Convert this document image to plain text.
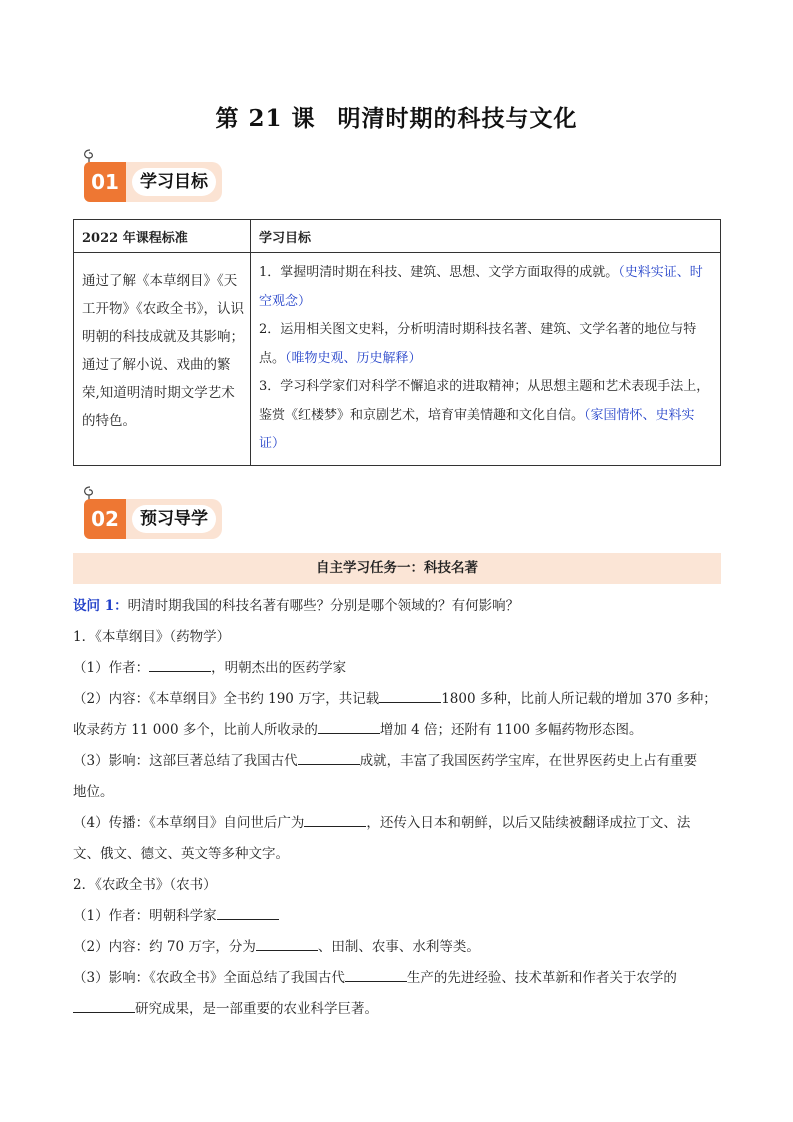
第 21 课 明清时期的科技与文化
01	学习目标
2022 年课程标准	学习目标
通过了解《本草纲目》《天工开物》《农政全书》，认识明朝的科技成就及其影响；通过了解小说、戏曲的繁荣,知道明清时期文学艺术的特色。	1．掌握明清时期在科技、建筑、思想、文学方面取得的成就。（史料实证、时空观念）
2．运用相关图文史料，分析明清时期科技名著、建筑、文学名著的地位与特点。（唯物史观、历史解释）
3．学习科学家们对科学不懈追求的进取精神；从思想主题和艺术表现手法上，鉴赏《红楼梦》和京剧艺术，培育审美情趣和文化自信。（家国情怀、史料实证）
02	预习导学
自主学习任务一：科技名著

设问 1：明清时期我国的科技名著有哪些？分别是哪个领域的？有何影响？

1．《本草纲目》（药物学）

（1）作者：	，明朝杰出的医药学家

（2）内容：《本草纲目》全书约 190 万字，共记载	1800 多种，比前人所记载的增加 370 多种；

收录药方 11 000 多个，比前人所收录的	增加 4 倍；还附有 1100 多幅药物形态图。

（3）影响：这部巨著总结了我国古代	成就，丰富了我国医药学宝库，在世界医药史上占有重要

地位。

（4）传播：《本草纲目》自问世后广为	，还传入日本和朝鲜，以后又陆续被翻译成拉丁文、法

文、俄文、德文、英文等多种文字。

2．《农政全书》（农书）

（1）作者：明朝科学家

（2）内容：约 70 万字，分为	、田制、农事、水利等类。

（3）影响：《农政全书》全面总结了我国古代	生产的先进经验、技术革新和作者关于农学的

研究成果，是一部重要的农业科学巨著。
